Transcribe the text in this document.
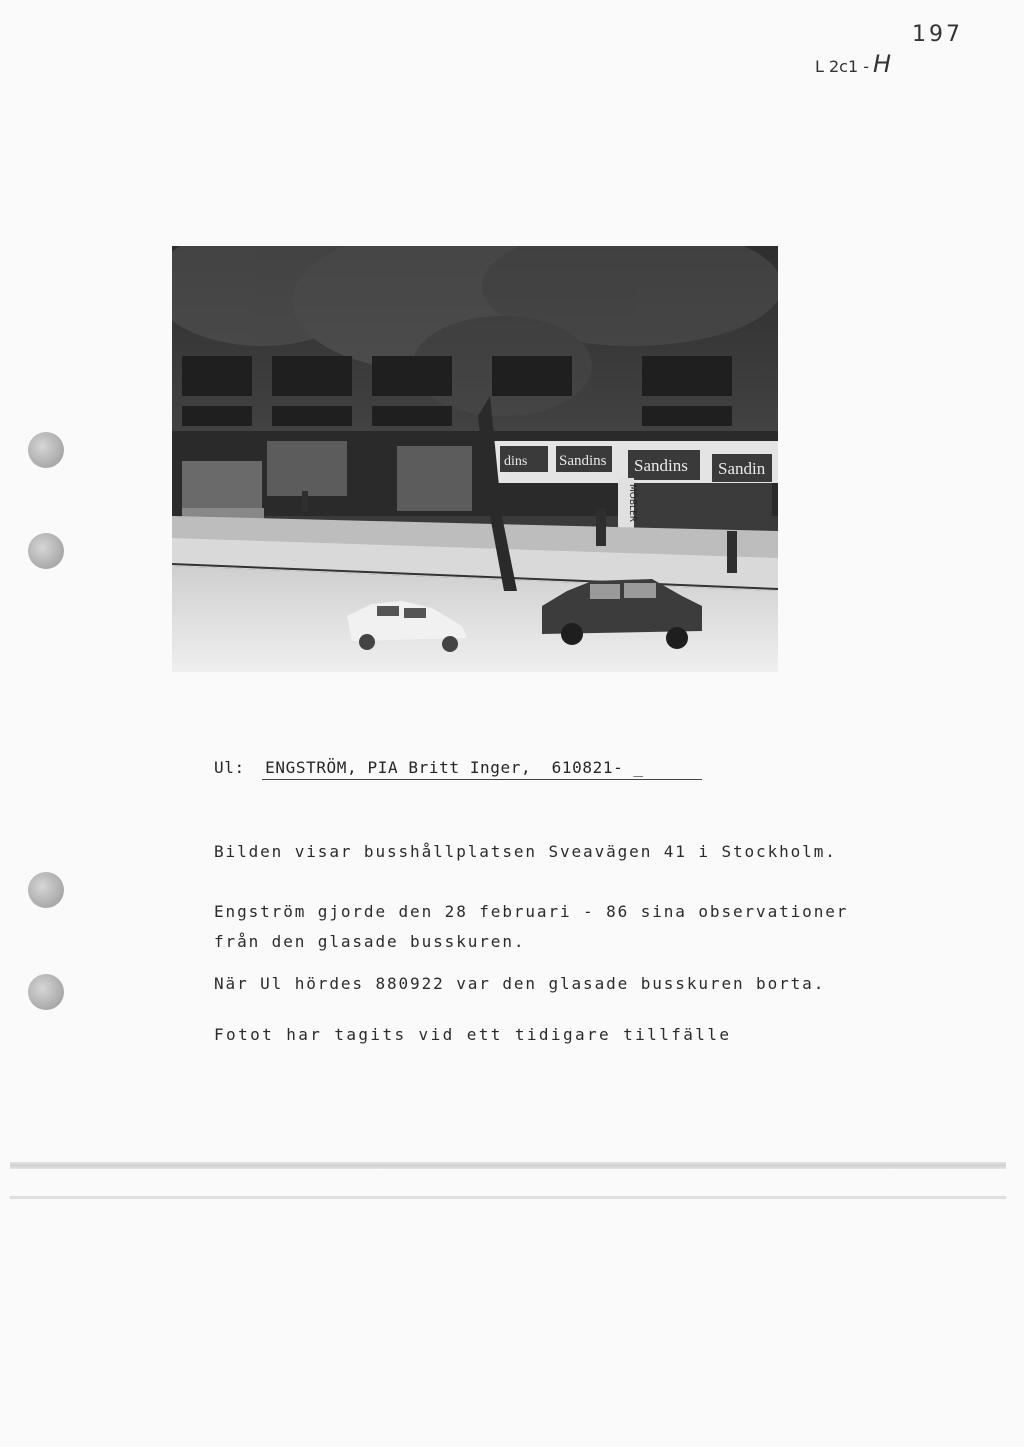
197
L 2c1 - H
dins Sandins Sandins Sandin
MÖBLER
Ul:  ENGSTRÖM, PIA Britt Inger,  610821- _
Bilden visar busshållplatsen Sveavägen 41 i Stockholm.
Engström gjorde den 28 februari - 86 sina observationer
från den glasade busskuren.
När Ul hördes 880922 var den glasade busskuren borta.
Fotot har tagits vid ett tidigare tillfälle
